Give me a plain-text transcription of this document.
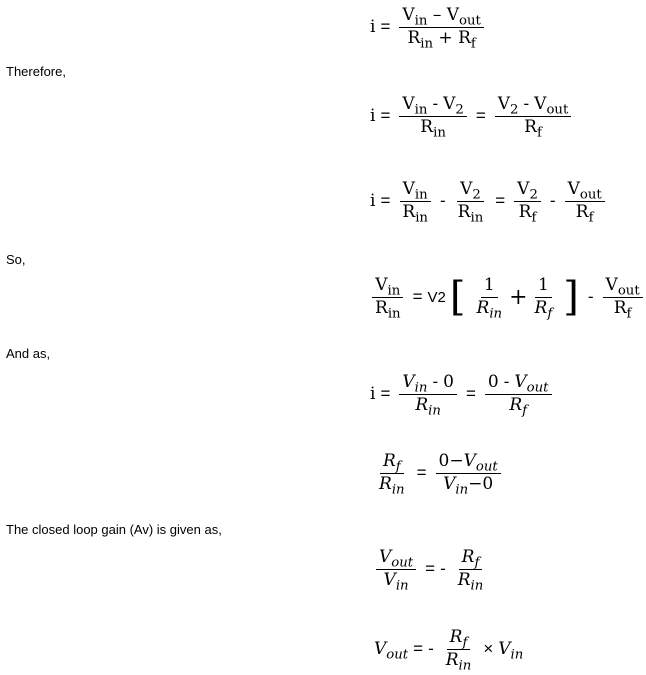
$i = \frac{V_{in} - V_{out}}{R_{in} + R_f}$
Therefore,
$i = \frac{V_{in} - V_2}{R_{in}} = \frac{V_2 - V_{out}}{R_f}$
$i = \frac{V_{in}}{R_{in}} - \frac{V_2}{R_{in}} = \frac{V_2}{R_f} - \frac{V_{out}}{R_f}$
So,
$\frac{V_{in}}{R_{in}} = V2$ [ $\frac{1}{R_{in}} + \frac{1}{R_f}$ ] - $\frac{V_{out}}{R_f}$
And as,
$i = \frac{V_{in} - 0}{R_{in}} = \frac{0 - V_{out}}{R_f}$
$\frac{R_f}{R_{in}} = \frac{0-V_{out}}{V_{in}-0}$
The closed loop gain (Av) is given as,
$\frac{V_{out}}{V_{in}}$ = - $\frac{R_f}{R_{in}}$
$V_{out}$ = - $\frac{R_f}{R_{in}} \times V_{in}$
